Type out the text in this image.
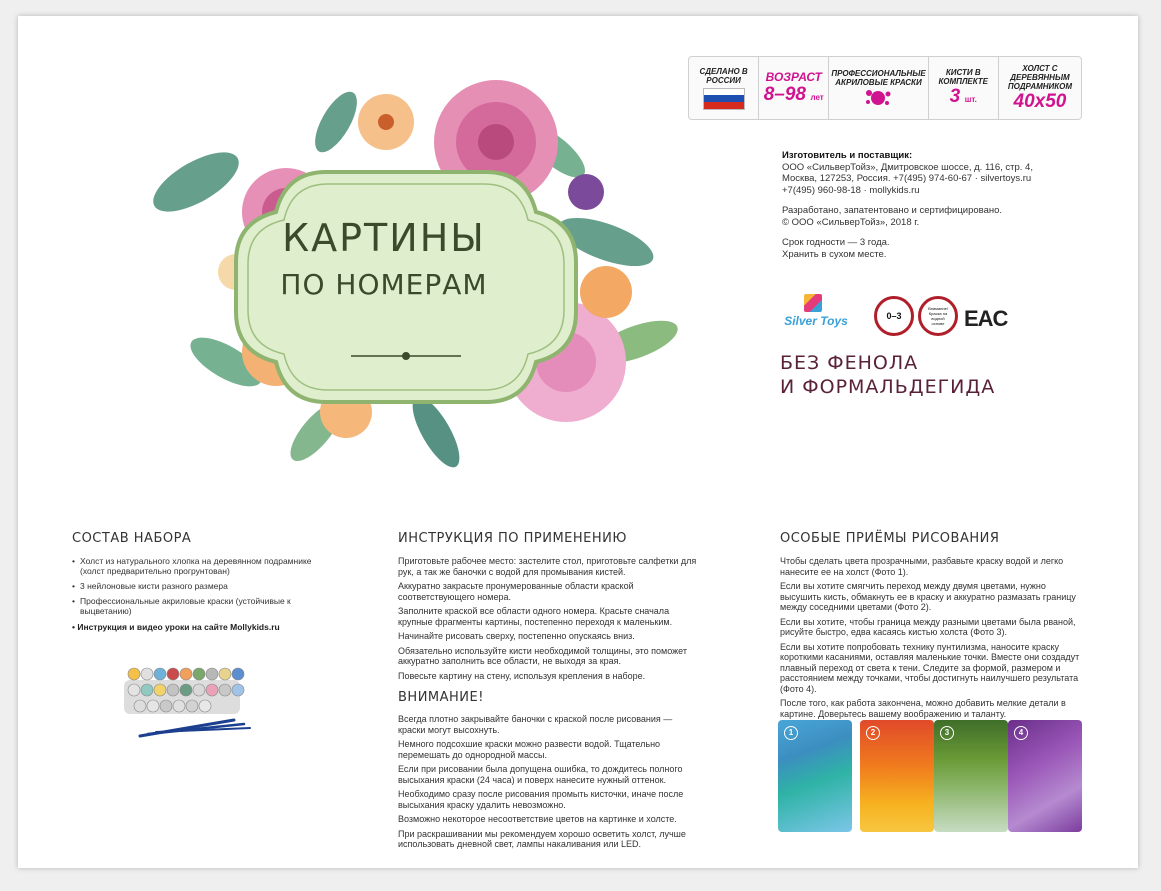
КАРТИНЫ
ПО НОМЕРАМ
СДЕЛАНО В РОССИИ	ВОЗРАСТ
8–98 лет
ПРОФЕССИОНАЛЬНЫЕ АКРИЛОВЫЕ КРАСКИ
КИСТИ В КОМПЛЕКТЕ
3 шт.
ХОЛСТ С ДЕРЕВЯННЫМ ПОДРАМНИКОМ
40x50
Изготовитель и поставщик:
ООО «СильверТойз», Дмитровское шоссе, д. 116, стр. 4,
Москва, 127253, Россия. +7(495) 974-60-67 · silvertoys.ru
+7(495) 960-98-18 · mollykids.ru
Разработано, запатентовано и сертифицировано.
© ООО «СильверТойз», 2018 г.
Срок годности — 3 года.
Хранить в сухом месте.
Silver Toys	0–3
Внимание! Краска на водной основе EAC
БЕЗ ФЕНОЛА
И ФОРМАЛЬДЕГИДА
СОСТАВ НАБОРА
• Холст из натурального хлопка на деревянном подрамнике (холст предварительно прогрунтован)
• 3 нейлоновые кисти разного размера
• Профессиональные акриловые краски (устойчивые к выцветанию)
• Инструкция и видео уроки на сайте Mollykids.ru
ИНСТРУКЦИЯ ПО ПРИМЕНЕНИЮ

Приготовьте рабочее место: застелите стол, приготовьте салфетки для рук, а так же баночки с водой для промывания кистей.

Аккуратно закрасьте пронумерованные области краской соответствующего номера.

Заполните краской все области одного номера. Красьте сначала крупные фрагменты картины, постепенно переходя к маленьким.

Начинайте рисовать сверху, постепенно опускаясь вниз.

Обязательно используйте кисти необходимой толщины, это поможет аккуратно заполнить все области, не выходя за края.

Повесьте картину на стену, используя крепления в наборе.

ВНИМАНИЕ!

Всегда плотно закрывайте баночки с краской после рисования — краски могут высохнуть.

Немного подсохшие краски можно развести водой. Тщательно перемешать до однородной массы.

Если при рисовании была допущена ошибка, то дождитесь полного высыхания краски (24 часа) и поверх нанесите нужный оттенок.

Необходимо сразу после рисования промыть кисточки, иначе после высыхания краску удалить невозможно.

Возможно некоторое несоответствие цветов на картинке и холсте.

При раскрашивании мы рекомендуем хорошо осветить холст, лучше использовать дневной свет, лампы накаливания или LED.

ОСОБЫЕ ПРИЁМЫ РИСОВАНИЯ

Чтобы сделать цвета прозрачными, разбавьте краску водой и легко нанесите ее на холст (Фото 1).

Если вы хотите смягчить переход между двумя цветами, нужно высушить кисть, обмакнуть ее в краску и аккуратно размазать границу между соседними цветами (Фото 2).

Если вы хотите, чтобы граница между разными цветами была рваной, рисуйте быстро, едва касаясь кистью холста (Фото 3).

Если вы хотите попробовать технику пунтилизма, наносите краску короткими касаниями, оставляя маленькие точки. Вместе они создадут плавный переход от света к тени. Следите за формой, размером и расстоянием между точками, чтобы достигнуть наилучшего результата (Фото 4).

После того, как работа закончена, можно добавить мелкие детали в картине. Доверьтесь вашему воображению и таланту.

1	2	3	4
